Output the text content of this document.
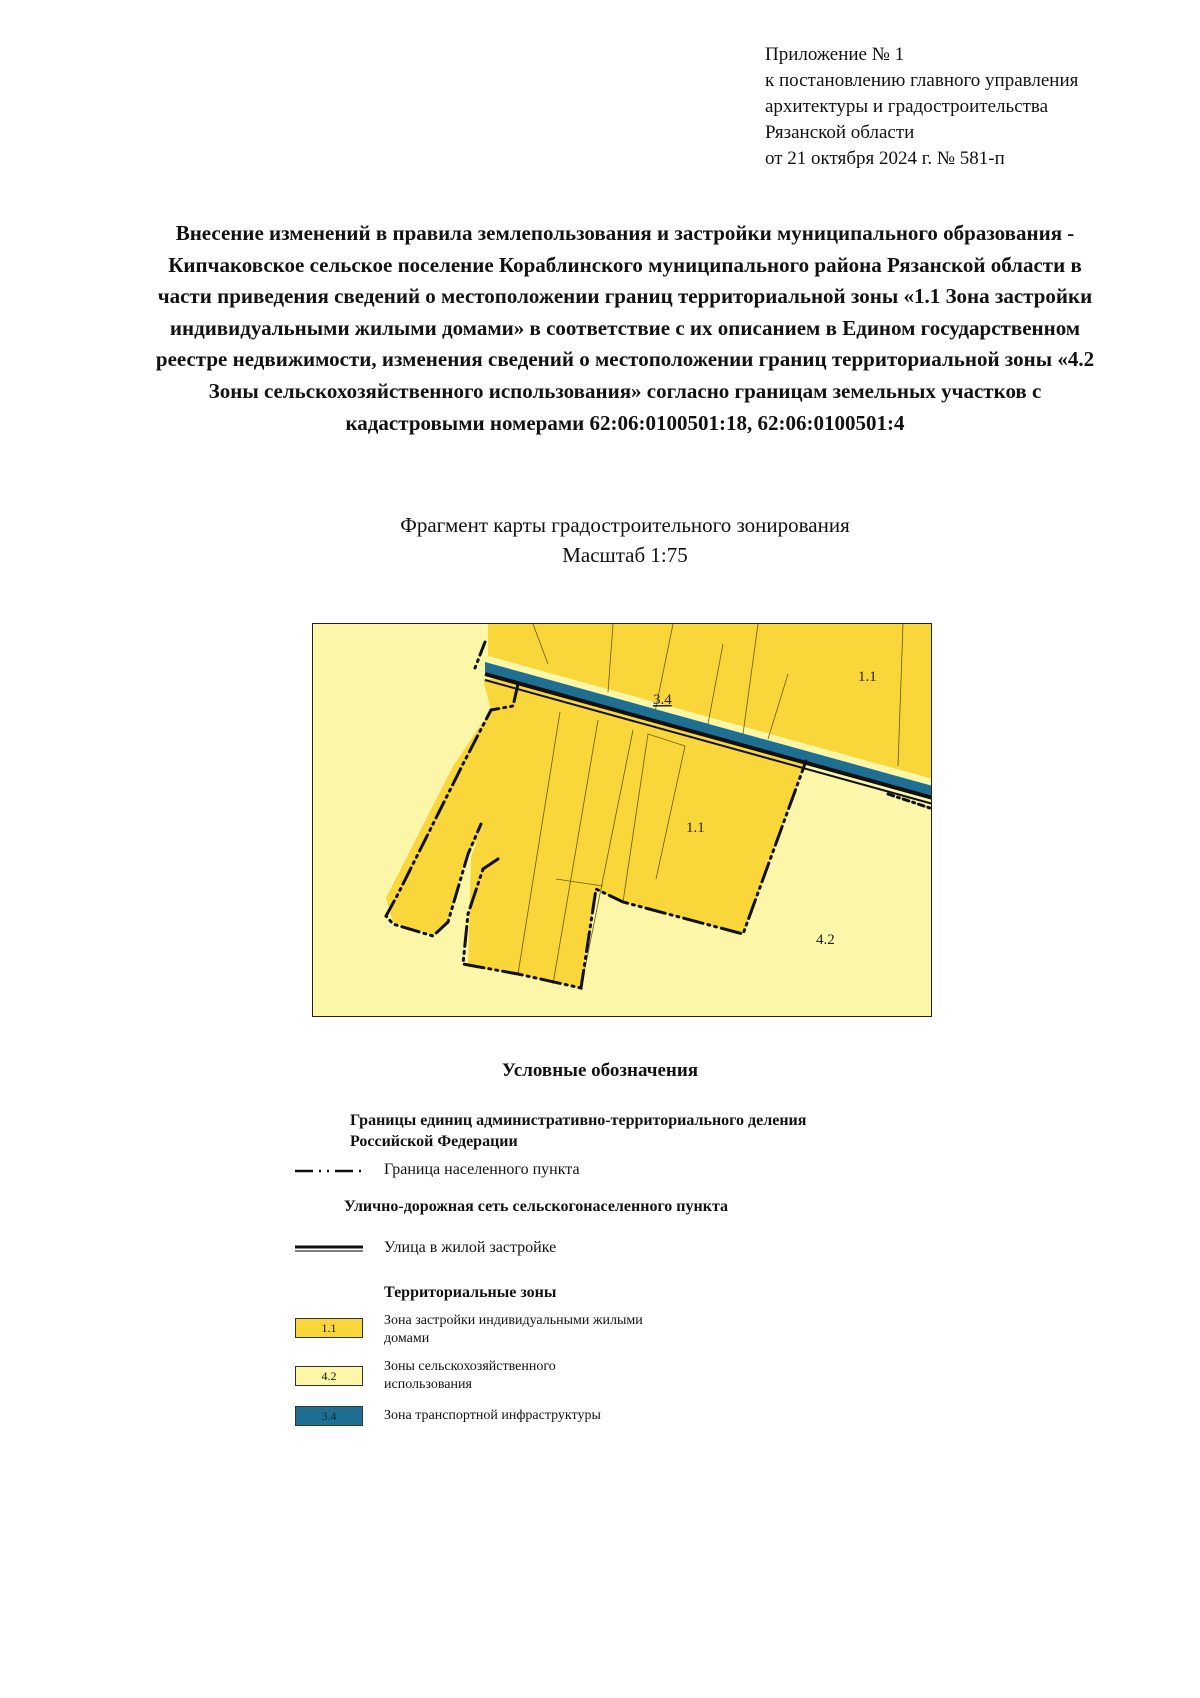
Приложение № 1
к постановлению главного управления
архитектуры и градостроительства
Рязанской области
от 21 октября 2024 г. № 581-п
Внесение изменений в правила землепользования и застройки муниципального образования - Кипчаковское сельское поселение Кораблинского муниципального района Рязанской области в части приведения сведений о местоположении границ территориальной зоны «1.1 Зона застройки индивидуальными жилыми домами» в соответствие с их описанием в Едином государственном реестре недвижимости, изменения сведений о местоположении границ территориальной зоны «4.2 Зоны сельскохозяйственного использования» согласно границам земельных участков с кадастровыми номерами 62:06:0100501:18, 62:06:0100501:4
Фрагмент карты градостроительного зонирования
Масштаб 1:75
1.1
1.1
4.2
3.4
Условные обозначения
Границы единиц административно-территориального деления Российской Федерации
Граница населенного пункта
Улично-дорожная сеть сельскогонаселенного пункта
Улица в жилой застройке
Территориальные зоны
1.1	Зона застройки индивидуальными жилыми домами
4.2
Зоны сельскохозяйственного использования
3.4	Зона транспортной инфраструктуры
